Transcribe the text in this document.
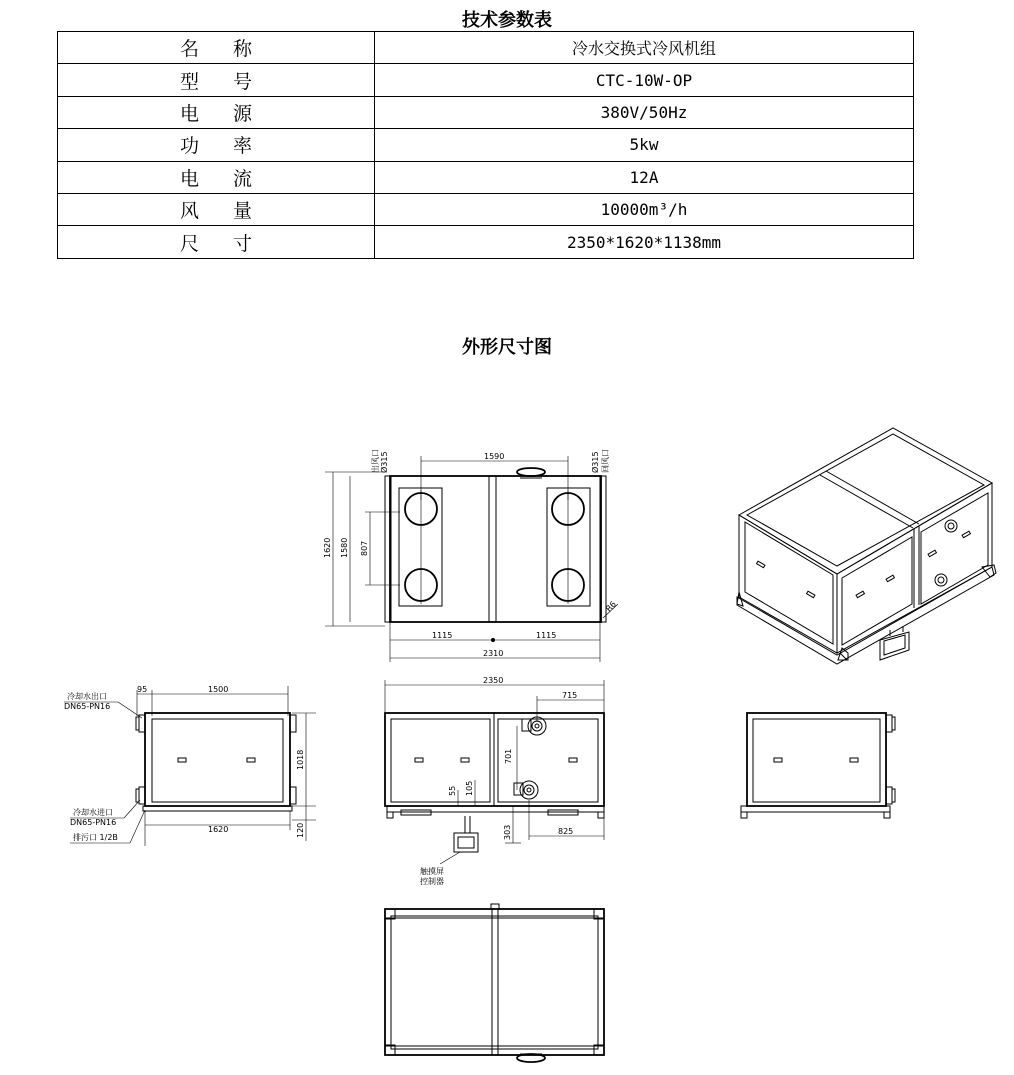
技术参数表
名 称	冷水交换式冷风机组
型 号	CTC-10W-OP
电 源	380V/50Hz
功 率	5kw
电 流	12A
风 量	10000m³/h
尺 寸	2350*1620*1138mm
外形尺寸图
1590
Ø315
出风口	Ø315 回风口
R6
1620 1580 807
1115	1115
2310
冷却水出口
DN65-PN16
95	1500
1018
120
冷却水进口
DN65-PN16
排污口 1/2B
1620
2350
715
701
55 105
303	825
触摸屏
控制器
